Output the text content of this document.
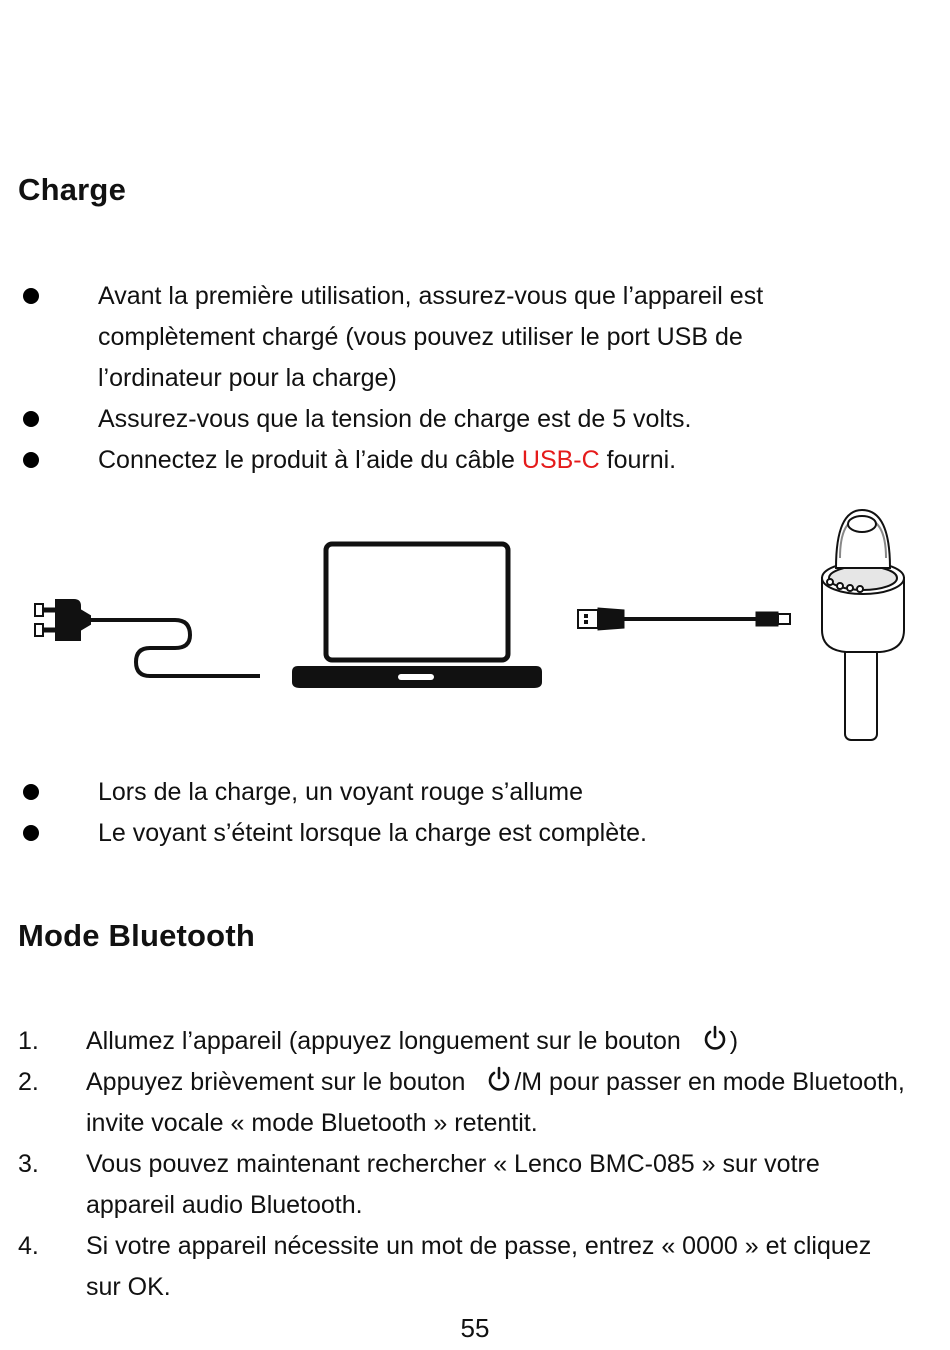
Charge
Avant la première utilisation, assurez-vous que l’appareil est complètement chargé (vous pouvez utiliser le port USB de l’ordinateur pour la charge)
Assurez-vous que la tension de charge est de 5 volts.
Connectez le produit à l’aide du câble USB-C fourni.
Lors de la charge, un voyant rouge s’allume
Le voyant s’éteint lorsque la charge est complète.
Mode Bluetooth
1. Allumez l’appareil (appuyez longuement sur le bouton )
2. Appuyez brièvement sur le bouton /M pour passer en mode Bluetooth, invite vocale « mode Bluetooth » retentit.
3. Vous pouvez maintenant rechercher « Lenco BMC-085 » sur votre appareil audio Bluetooth.
4. Si votre appareil nécessite un mot de passe, entrez « 0000 » et cliquez sur OK.
55
